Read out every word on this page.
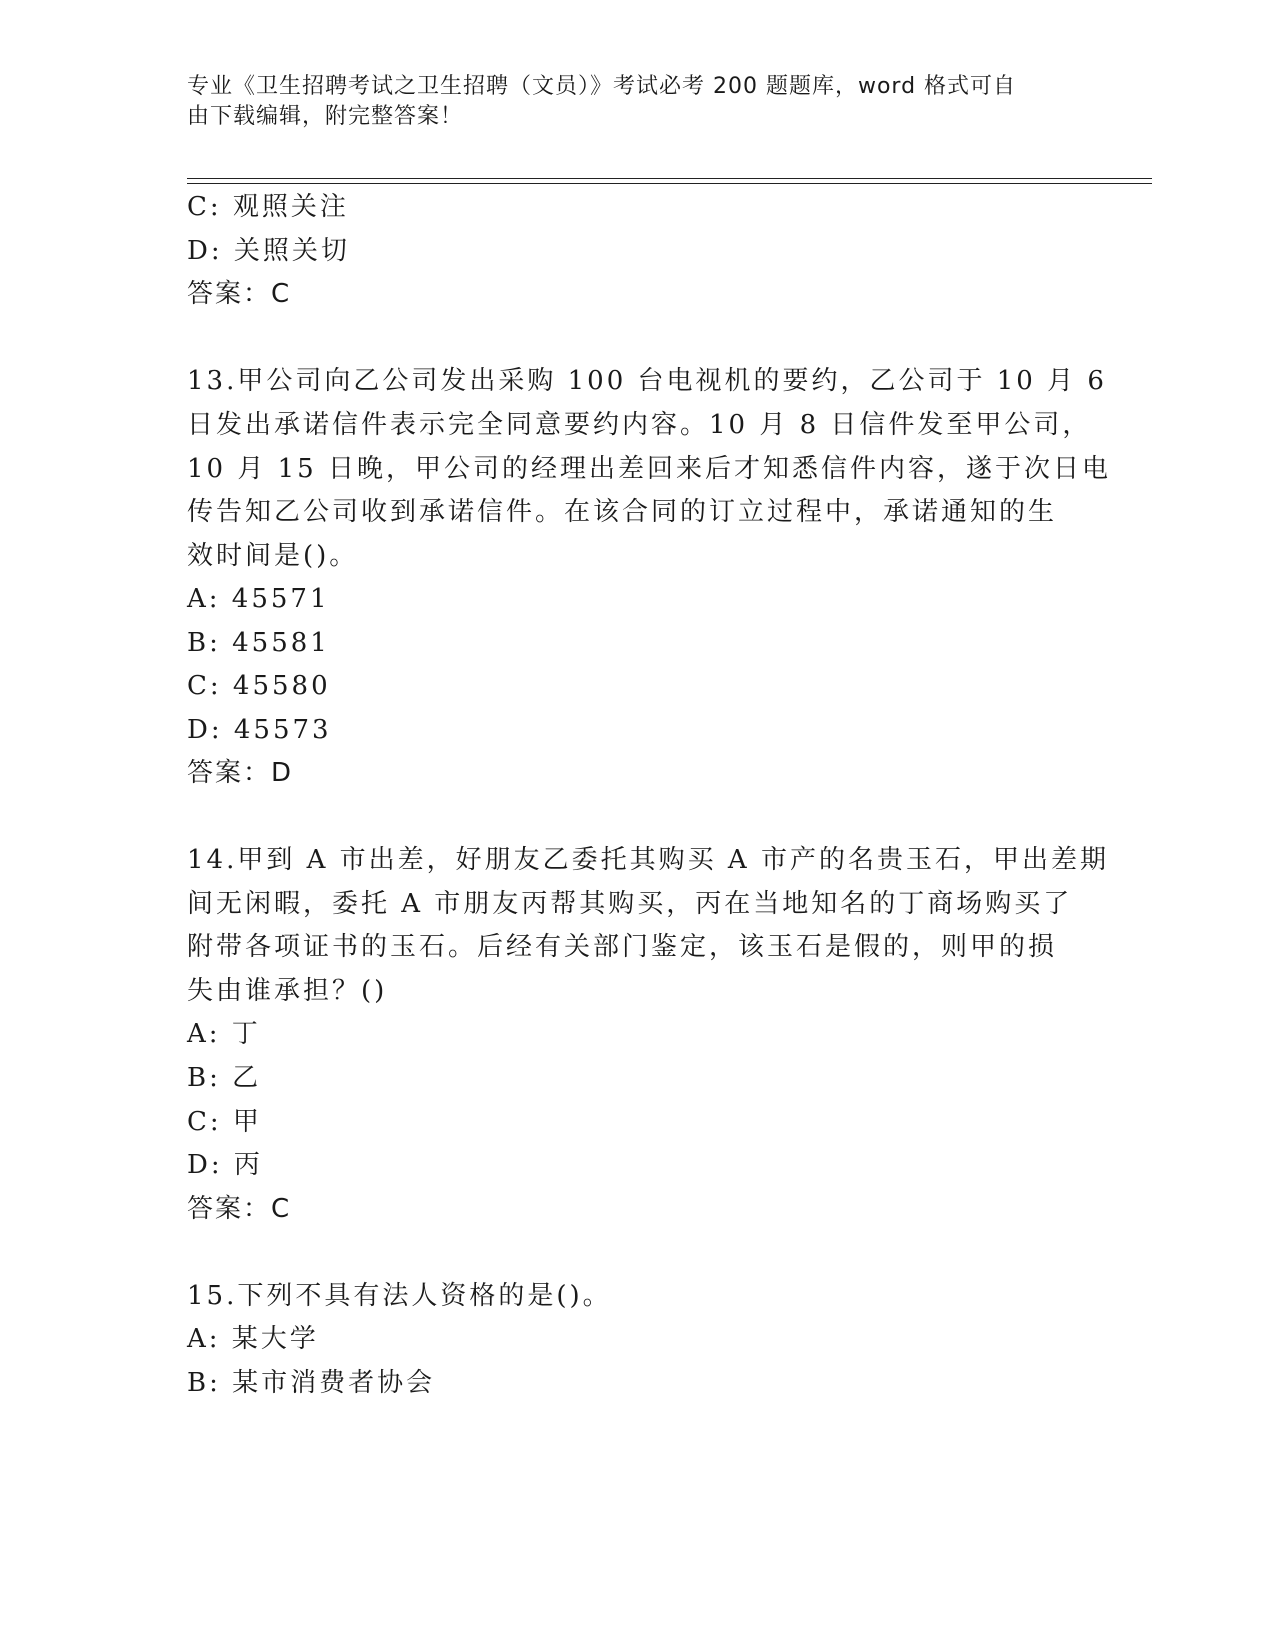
专业《卫生招聘考试之卫生招聘（文员）》考试必考 200 题题库，word 格式可自
由下载编辑，附完整答案！
C: 观照关注
D: 关照关切
答案：C
13.甲公司向乙公司发出采购 100 台电视机的要约，乙公司于 10 月 6
日发出承诺信件表示完全同意要约内容。10 月 8 日信件发至甲公司，
10 月 15 日晚，甲公司的经理出差回来后才知悉信件内容，遂于次日电
传告知乙公司收到承诺信件。在该合同的订立过程中，承诺通知的生
效时间是()。
A: 45571
B: 45581
C: 45580
D: 45573
答案：D
14.甲到 A 市出差，好朋友乙委托其购买 A 市产的名贵玉石，甲出差期
间无闲暇，委托 A 市朋友丙帮其购买，丙在当地知名的丁商场购买了
附带各项证书的玉石。后经有关部门鉴定，该玉石是假的，则甲的损
失由谁承担？()
A: 丁
B: 乙
C: 甲
D: 丙
答案：C
15.下列不具有法人资格的是()。
A: 某大学
B: 某市消费者协会
